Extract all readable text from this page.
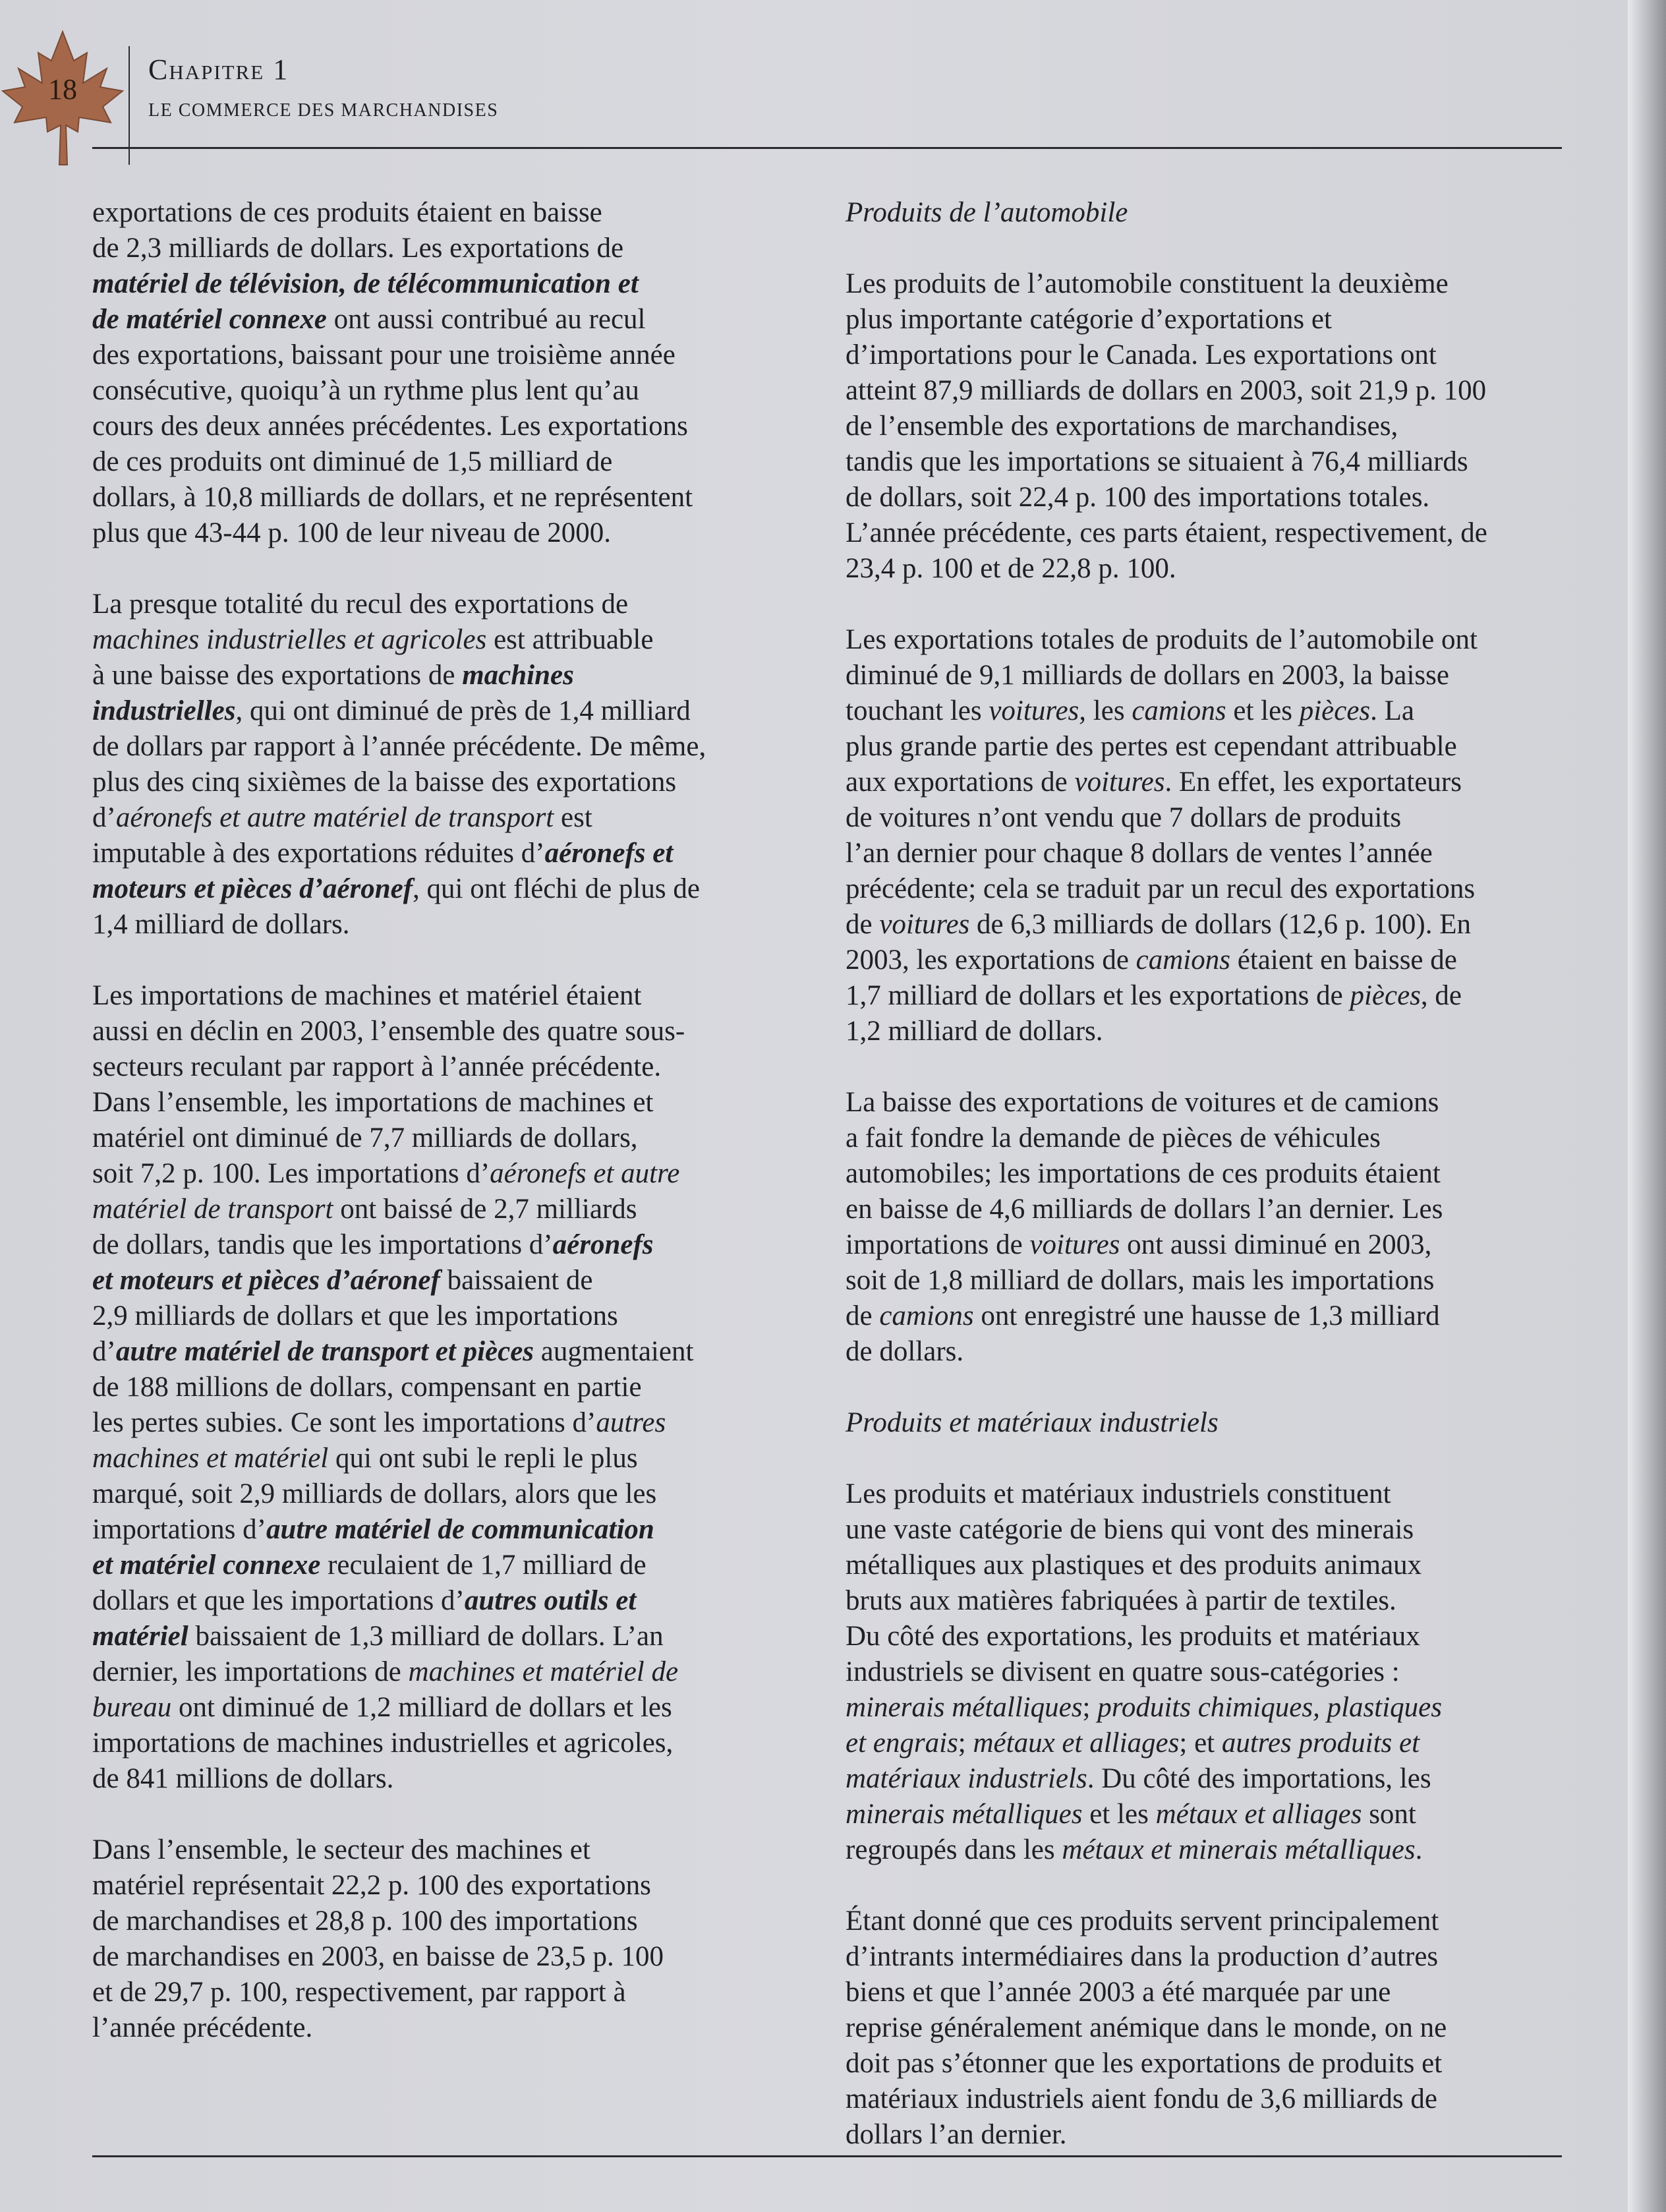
18
Chapitre 1
LE COMMERCE DES MARCHANDISES

exportations de ces produits étaient en baisse
de 2,3 milliards de dollars. Les exportations de
matériel de télévision, de télécommunication et
de matériel connexe ont aussi contribué au recul
des exportations, baissant pour une troisième année
consécutive, quoiqu’à un rythme plus lent qu’au
cours des deux années précédentes. Les exportations
de ces produits ont diminué de 1,5 milliard de
dollars, à 10,8 milliards de dollars, et ne représentent
plus que 43-44 p. 100 de leur niveau de 2000.

La presque totalité du recul des exportations de
machines industrielles et agricoles est attribuable
à une baisse des exportations de machines
industrielles, qui ont diminué de près de 1,4 milliard
de dollars par rapport à l’année précédente. De même,
plus des cinq sixièmes de la baisse des exportations
d’aéronefs et autre matériel de transport est
imputable à des exportations réduites d’aéronefs et
moteurs et pièces d’aéronef, qui ont fléchi de plus de
1,4 milliard de dollars.

Les importations de machines et matériel étaient
aussi en déclin en 2003, l’ensemble des quatre sous-
secteurs reculant par rapport à l’année précédente.
Dans l’ensemble, les importations de machines et
matériel ont diminué de 7,7 milliards de dollars,
soit 7,2 p. 100. Les importations d’aéronefs et autre
matériel de transport ont baissé de 2,7 milliards
de dollars, tandis que les importations d’aéronefs
et moteurs et pièces d’aéronef baissaient de
2,9 milliards de dollars et que les importations
d’autre matériel de transport et pièces augmentaient
de 188 millions de dollars, compensant en partie
les pertes subies. Ce sont les importations d’autres
machines et matériel qui ont subi le repli le plus
marqué, soit 2,9 milliards de dollars, alors que les
importations d’autre matériel de communication
et matériel connexe reculaient de 1,7 milliard de
dollars et que les importations d’autres outils et
matériel baissaient de 1,3 milliard de dollars. L’an
dernier, les importations de machines et matériel de
bureau ont diminué de 1,2 milliard de dollars et les
importations de machines industrielles et agricoles,
de 841 millions de dollars.

Dans l’ensemble, le secteur des machines et
matériel représentait 22,2 p. 100 des exportations
de marchandises et 28,8 p. 100 des importations
de marchandises en 2003, en baisse de 23,5 p. 100
et de 29,7 p. 100, respectivement, par rapport à
l’année précédente.

Produits de l’automobile

Les produits de l’automobile constituent la deuxième
plus importante catégorie d’exportations et
d’importations pour le Canada. Les exportations ont
atteint 87,9 milliards de dollars en 2003, soit 21,9 p. 100
de l’ensemble des exportations de marchandises,
tandis que les importations se situaient à 76,4 milliards
de dollars, soit 22,4 p. 100 des importations totales.
L’année précédente, ces parts étaient, respectivement, de
23,4 p. 100 et de 22,8 p. 100.

Les exportations totales de produits de l’automobile ont
diminué de 9,1 milliards de dollars en 2003, la baisse
touchant les voitures, les camions et les pièces. La
plus grande partie des pertes est cependant attribuable
aux exportations de voitures. En effet, les exportateurs
de voitures n’ont vendu que 7 dollars de produits
l’an dernier pour chaque 8 dollars de ventes l’année
précédente; cela se traduit par un recul des exportations
de voitures de 6,3 milliards de dollars (12,6 p. 100). En
2003, les exportations de camions étaient en baisse de
1,7 milliard de dollars et les exportations de pièces, de
1,2 milliard de dollars.

La baisse des exportations de voitures et de camions
a fait fondre la demande de pièces de véhicules
automobiles; les importations de ces produits étaient
en baisse de 4,6 milliards de dollars l’an dernier. Les
importations de voitures ont aussi diminué en 2003,
soit de 1,8 milliard de dollars, mais les importations
de camions ont enregistré une hausse de 1,3 milliard
de dollars.

Produits et matériaux industriels

Les produits et matériaux industriels constituent
une vaste catégorie de biens qui vont des minerais
métalliques aux plastiques et des produits animaux
bruts aux matières fabriquées à partir de textiles.
Du côté des exportations, les produits et matériaux
industriels se divisent en quatre sous-catégories :
minerais métalliques; produits chimiques, plastiques
et engrais; métaux et alliages; et autres produits et
matériaux industriels. Du côté des importations, les
minerais métalliques et les métaux et alliages sont
regroupés dans les métaux et minerais métalliques.

Étant donné que ces produits servent principalement
d’intrants intermédiaires dans la production d’autres
biens et que l’année 2003 a été marquée par une
reprise généralement anémique dans le monde, on ne
doit pas s’étonner que les exportations de produits et
matériaux industriels aient fondu de 3,6 milliards de
dollars l’an dernier.
